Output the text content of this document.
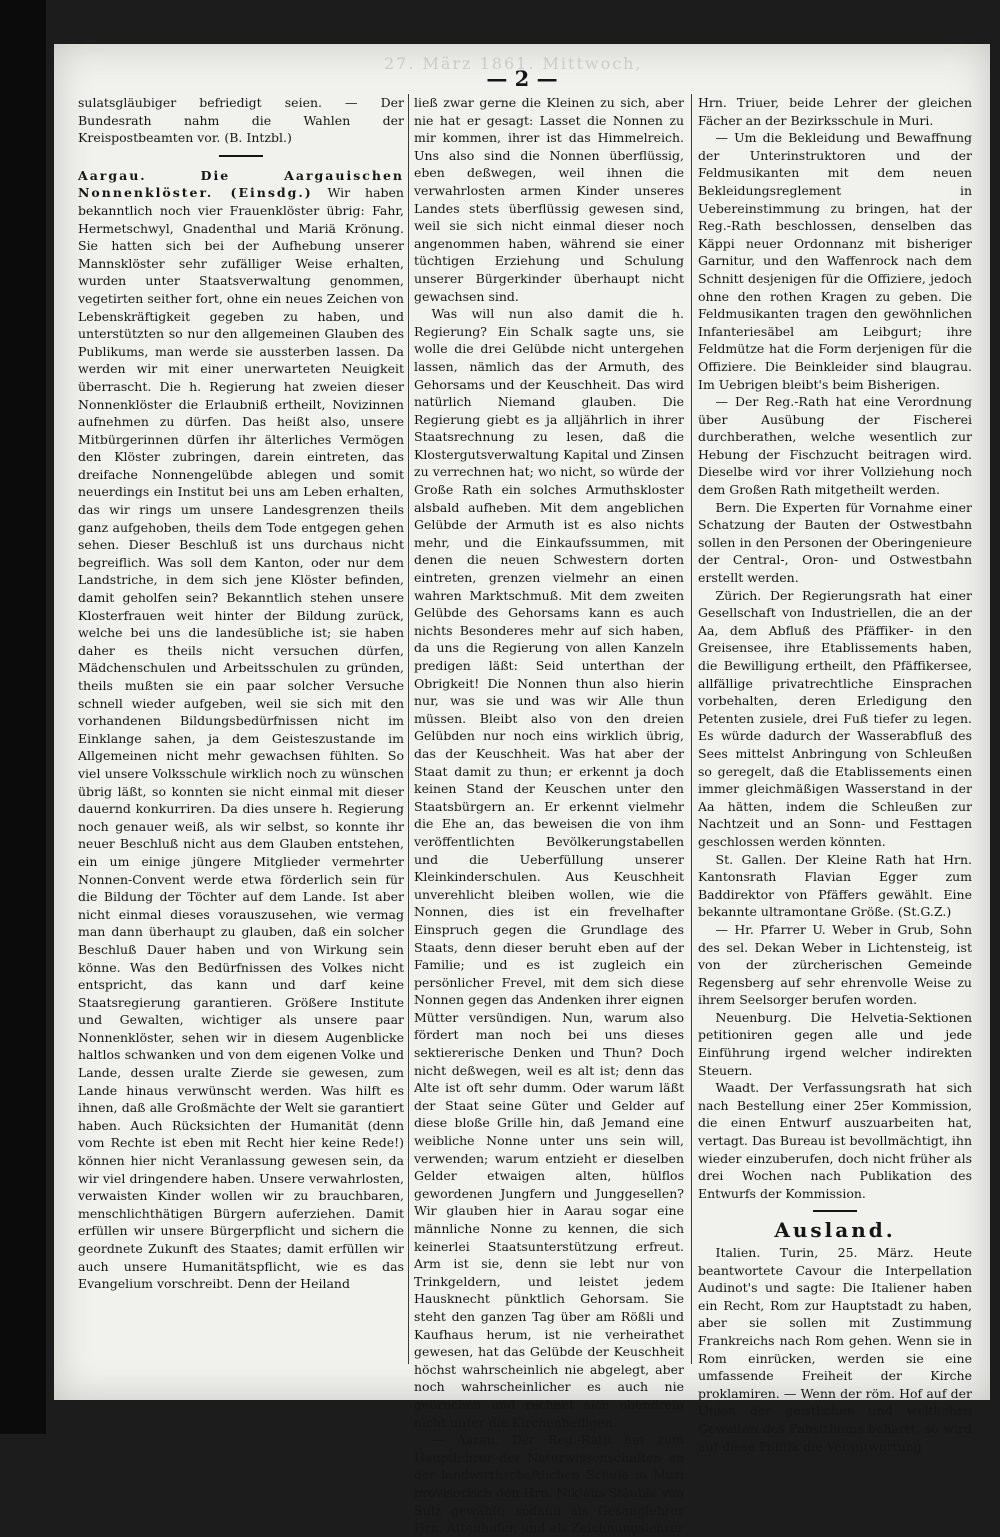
27. März 1861. Mittwoch,
— 2 —

sulatsgläubiger befriedigt seien. — Der Bundesrath nahm die Wahlen der Kreispostbeamten vor. (B. Intzbl.)

Aargau. Die Aargauischen Nonnenklöster. (Einsdg.) Wir haben bekanntlich noch vier Frauenklöster übrig: Fahr, Hermetschwyl, Gnadenthal und Mariä Krönung. Sie hatten sich bei der Aufhebung unserer Mannsklöster sehr zufälliger Weise erhalten, wurden unter Staatsverwaltung genommen, vegetirten seither fort, ohne ein neues Zeichen von Lebenskräftigkeit gegeben zu haben, und unterstützten so nur den allgemeinen Glauben des Publikums, man werde sie aussterben lassen. Da werden wir mit einer unerwarteten Neuigkeit überrascht. Die h. Regierung hat zweien dieser Nonnenklöster die Erlaubniß ertheilt, Novizinnen aufnehmen zu dürfen. Das heißt also, unsere Mitbürgerinnen dürfen ihr älterliches Vermögen den Klöster zubringen, darein eintreten, das dreifache Nonnengelübde ablegen und somit neuerdings ein Institut bei uns am Leben erhalten, das wir rings um unsere Landesgrenzen theils ganz aufgehoben, theils dem Tode entgegen gehen sehen. Dieser Beschluß ist uns durchaus nicht begreiflich. Was soll dem Kanton, oder nur dem Landstriche, in dem sich jene Klöster befinden, damit geholfen sein? Bekanntlich stehen unsere Klosterfrauen weit hinter der Bildung zurück, welche bei uns die landesübliche ist; sie haben daher es theils nicht versuchen dürfen, Mädchenschulen und Arbeitsschulen zu gründen, theils mußten sie ein paar solcher Versuche schnell wieder aufgeben, weil sie sich mit den vorhandenen Bildungsbedürfnissen nicht im Einklange sahen, ja dem Geisteszustande im Allgemeinen nicht mehr gewachsen fühlten. So viel unsere Volksschule wirklich noch zu wünschen übrig läßt, so konnten sie nicht einmal mit dieser dauernd konkurriren. Da dies unsere h. Regierung noch genauer weiß, als wir selbst, so konnte ihr neuer Beschluß nicht aus dem Glauben entstehen, ein um einige jüngere Mitglieder vermehrter Nonnen-Convent werde etwa förderlich sein für die Bildung der Töchter auf dem Lande. Ist aber nicht einmal dieses vorauszusehen, wie vermag man dann überhaupt zu glauben, daß ein solcher Beschluß Dauer haben und von Wirkung sein könne. Was den Bedürfnissen des Volkes nicht entspricht, das kann und darf keine Staatsregierung garantieren. Größere Institute und Gewalten, wichtiger als unsere paar Nonnenklöster, sehen wir in diesem Augenblicke haltlos schwanken und von dem eigenen Volke und Lande, dessen uralte Zierde sie gewesen, zum Lande hinaus verwünscht werden. Was hilft es ihnen, daß alle Großmächte der Welt sie garantiert haben. Auch Rücksichten der Humanität (denn vom Rechte ist eben mit Recht hier keine Rede!) können hier nicht Veranlassung gewesen sein, da wir viel dringendere haben. Unsere verwahrlosten, verwaisten Kinder wollen wir zu brauchbaren, menschlichthätigen Bürgern auferziehen. Damit erfüllen wir unsere Bürgerpflicht und sichern die geordnete Zukunft des Staates; damit erfüllen wir auch unsere Humanitätspflicht, wie es das Evangelium vorschreibt. Denn der Heiland

ließ zwar gerne die Kleinen zu sich, aber nie hat er gesagt: Lasset die Nonnen zu mir kommen, ihrer ist das Himmelreich. Uns also sind die Nonnen überflüssig, eben deßwegen, weil ihnen die verwahrlosten armen Kinder unseres Landes stets überflüssig gewesen sind, weil sie sich nicht einmal dieser noch angenommen haben, während sie einer tüchtigen Erziehung und Schulung unserer Bürgerkinder überhaupt nicht gewachsen sind.

Was will nun also damit die h. Regierung? Ein Schalk sagte uns, sie wolle die drei Gelübde nicht untergehen lassen, nämlich das der Armuth, des Gehorsams und der Keuschheit. Das wird natürlich Niemand glauben. Die Regierung giebt es ja alljährlich in ihrer Staatsrechnung zu lesen, daß die Klostergutsverwaltung Kapital und Zinsen zu verrechnen hat; wo nicht, so würde der Große Rath ein solches Armuthskloster alsbald aufheben. Mit dem angeblichen Gelübde der Armuth ist es also nichts mehr, und die Einkaufssummen, mit denen die neuen Schwestern dorten eintreten, grenzen vielmehr an einen wahren Marktschmuß. Mit dem zweiten Gelübde des Gehorsams kann es auch nichts Besonderes mehr auf sich haben, da uns die Regierung von allen Kanzeln predigen läßt: Seid unterthan der Obrigkeit! Die Nonnen thun also hierin nur, was sie und was wir Alle thun müssen. Bleibt also von den dreien Gelübden nur noch eins wirklich übrig, das der Keuschheit. Was hat aber der Staat damit zu thun; er erkennt ja doch keinen Stand der Keuschen unter den Staatsbürgern an. Er erkennt vielmehr die Ehe an, das beweisen die von ihm veröffentlichten Bevölkerungstabellen und die Ueberfüllung unserer Kleinkinderschulen. Aus Keuschheit unverehlicht bleiben wollen, wie die Nonnen, dies ist ein frevelhafter Einspruch gegen die Grundlage des Staats, denn dieser beruht eben auf der Familie; und es ist zugleich ein persönlicher Frevel, mit dem sich diese Nonnen gegen das Andenken ihrer eignen Mütter versündigen. Nun, warum also fördert man noch bei uns dieses sektiererische Denken und Thun? Doch nicht deßwegen, weil es alt ist; denn das Alte ist oft sehr dumm. Oder warum läßt der Staat seine Güter und Gelder auf diese bloße Grille hin, daß Jemand eine weibliche Nonne unter uns sein will, verwenden; warum entzieht er dieselben Gelder etwaigen alten, hülflos gewordenen Jungfern und Junggesellen? Wir glauben hier in Aarau sogar eine männliche Nonne zu kennen, die sich keinerlei Staatsunterstützung erfreut. Arm ist sie, denn sie lebt nur von Trinkgeldern, und leistet jedem Hausknecht pünktlich Gehorsam. Sie steht den ganzen Tag über am Rößli und Kaufhaus herum, ist nie verheirathet gewesen, hat das Gelübde der Keuschheit höchst wahrscheinlich nie abgelegt, aber noch wahrscheinlicher es auch nie gebrochen und rechnet sich obendrein nicht unter die Kirchenheiligen.

— Aarau. Der Reg.-Rath hat zum Hauptlehrer der Naturwissenschaften an der landwirthschaftlichen Schule in Muri provisorisch den Hrn. Niklaus Stäuble von Sulz gewählt; sodann als Gesanglehrer Hrn. Attenhofer, und als Zeichnungslehrer

Hrn. Triuer, beide Lehrer der gleichen Fächer an der Bezirksschule in Muri.

— Um die Bekleidung und Bewaffnung der Unterinstruktoren und der Feldmusikanten mit dem neuen Bekleidungsreglement in Uebereinstimmung zu bringen, hat der Reg.-Rath beschlossen, denselben das Käppi neuer Ordonnanz mit bisheriger Garnitur, und den Waffenrock nach dem Schnitt desjenigen für die Offiziere, jedoch ohne den rothen Kragen zu geben. Die Feldmusikanten tragen den gewöhnlichen Infanteriesäbel am Leibgurt; ihre Feldmütze hat die Form derjenigen für die Offiziere. Die Beinkleider sind blaugrau. Im Uebrigen bleibt's beim Bisherigen.

— Der Reg.-Rath hat eine Verordnung über Ausübung der Fischerei durchberathen, welche wesentlich zur Hebung der Fischzucht beitragen wird. Dieselbe wird vor ihrer Vollziehung noch dem Großen Rath mitgetheilt werden.

Bern. Die Experten für Vornahme einer Schatzung der Bauten der Ostwestbahn sollen in den Personen der Oberingenieure der Central-, Oron- und Ostwestbahn erstellt werden.

Zürich. Der Regierungsrath hat einer Gesellschaft von Industriellen, die an der Aa, dem Abfluß des Pfäffiker- in den Greisensee, ihre Etablissements haben, die Bewilligung ertheilt, den Pfäffikersee, allfällige privatrechtliche Einsprachen vorbehalten, deren Erledigung den Petenten zusiele, drei Fuß tiefer zu legen. Es würde dadurch der Wasserabfluß des Sees mittelst Anbringung von Schleußen so geregelt, daß die Etablissements einen immer gleichmäßigen Wasserstand in der Aa hätten, indem die Schleußen zur Nachtzeit und an Sonn- und Festtagen geschlossen werden könnten.

St. Gallen. Der Kleine Rath hat Hrn. Kantonsrath Flavian Egger zum Baddirektor von Pfäffers gewählt. Eine bekannte ultramontane Größe. (St.G.Z.)

— Hr. Pfarrer U. Weber in Grub, Sohn des sel. Dekan Weber in Lichtensteig, ist von der zürcherischen Gemeinde Regensberg auf sehr ehrenvolle Weise zu ihrem Seelsorger berufen worden.

Neuenburg. Die Helvetia-Sektionen petitioniren gegen alle und jede Einführung irgend welcher indirekten Steuern.

Waadt. Der Verfassungsrath hat sich nach Bestellung einer 25er Kommission, die einen Entwurf auszuarbeiten hat, vertagt. Das Bureau ist bevollmächtigt, ihn wieder einzuberufen, doch nicht früher als drei Wochen nach Publikation des Entwurfs der Kommission.

Ausland.

Italien. Turin, 25. März. Heute beantwortete Cavour die Interpellation Audinot's und sagte: Die Italiener haben ein Recht, Rom zur Hauptstadt zu haben, aber sie sollen mit Zustimmung Frankreichs nach Rom gehen. Wenn sie in Rom einrücken, werden sie eine umfassende Freiheit der Kirche proklamiren. — Wenn der röm. Hof auf der Union der geistlichen und weltlichen Gewalten des Pabstthums beharrt, so wird auf diese Politik die Verantwortung
